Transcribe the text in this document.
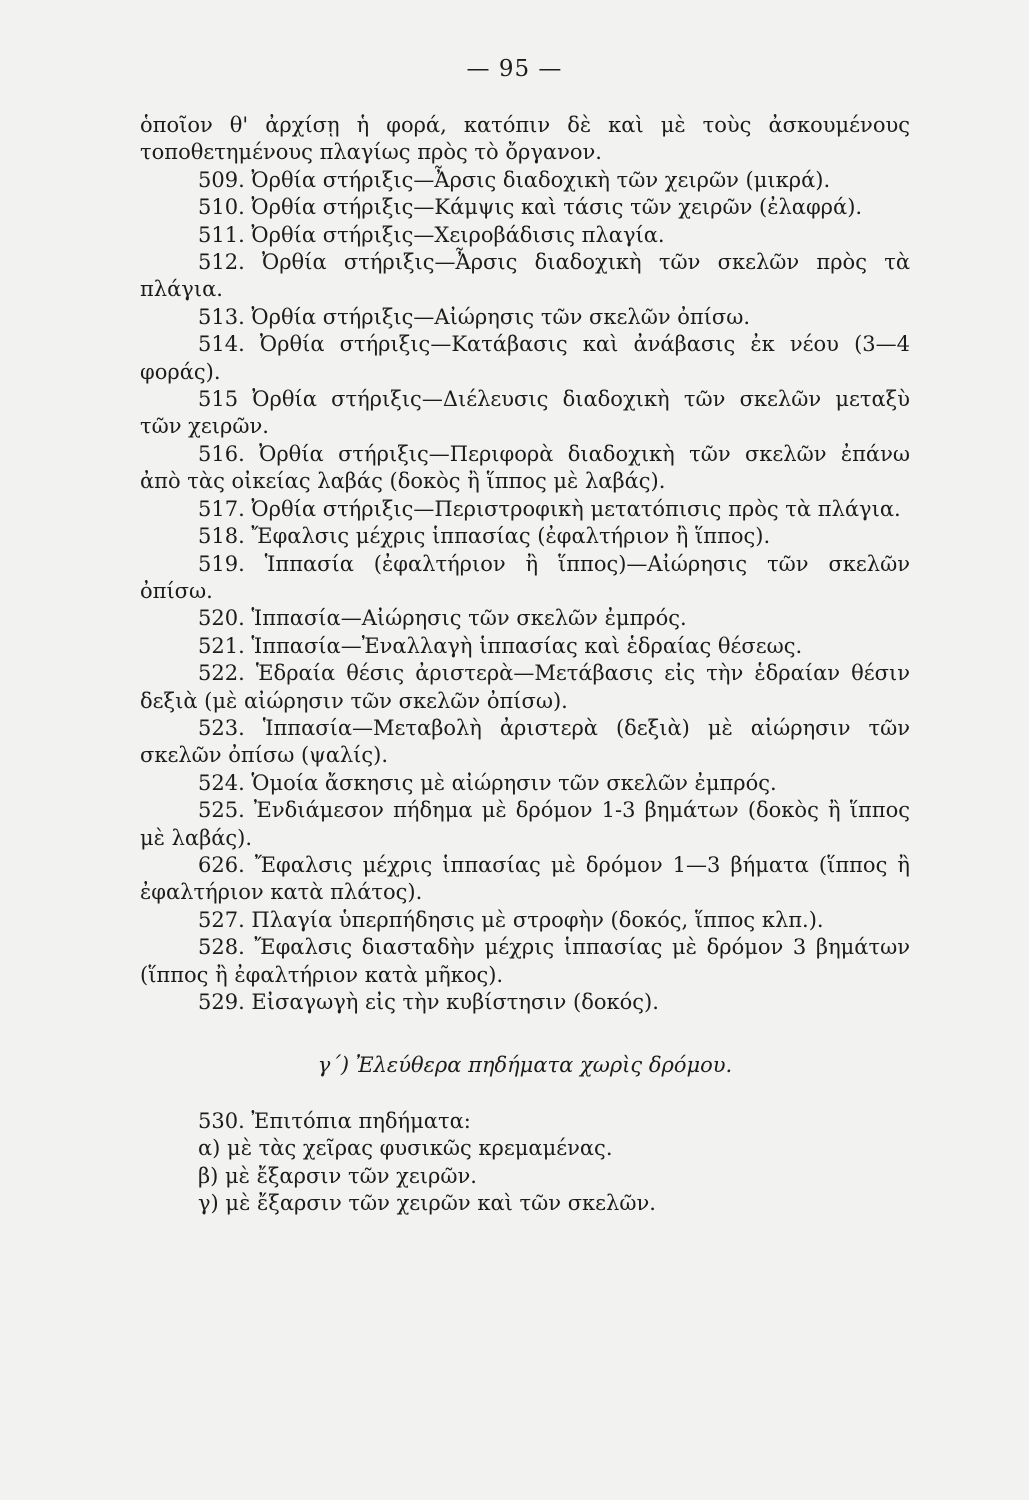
— 95 —

ὁποῖον θ' ἀρχίσῃ ἡ φορά, κατόπιν δὲ καὶ μὲ τοὺς ἀσκουμένους τοποθετημένους πλαγίως πρὸς τὸ ὄργανον.

509. Ὀρθία στήριξις—Ἆρσις διαδοχικὴ τῶν χειρῶν (μικρά).

510. Ὀρθία στήριξις—Κάμψις καὶ τάσις τῶν χειρῶν (ἐλαφρά).

511. Ὀρθία στήριξις—Χειροβάδισις πλαγία.

512. Ὀρθία στήριξις—Ἆρσις διαδοχικὴ τῶν σκελῶν πρὸς τὰ πλάγια.

513. Ὀρθία στήριξις—Αἰώρησις τῶν σκελῶν ὀπίσω.

514. Ὀρθία στήριξις—Κατάβασις καὶ ἀνάβασις ἐκ νέου (3—4 φοράς).

515 Ὀρθία στήριξις—Διέλευσις διαδοχικὴ τῶν σκελῶν μεταξὺ τῶν χειρῶν.

516. Ὀρθία στήριξις—Περιφορὰ διαδοχικὴ τῶν σκελῶν ἐπάνω ἀπὸ τὰς οἰκείας λαβάς (δοκὸς ἢ ἵππος μὲ λαβάς).

517. Ὀρθία στήριξις—Περιστροφικὴ μετατόπισις πρὸς τὰ πλάγια.

518. Ἔφαλσις μέχρις ἱππασίας (ἐφαλτήριον ἢ ἵππος).

519. Ἱππασία (ἐφαλτήριον ἢ ἵππος)—Αἰώρησις τῶν σκελῶν ὀπίσω.

520. Ἱππασία—Αἰώρησις τῶν σκελῶν ἐμπρός.

521. Ἱππασία—Ἐναλλαγὴ ἱππασίας καὶ ἑδραίας θέσεως.

522. Ἑδραία θέσις ἀριστερὰ—Μετάβασις εἰς τὴν ἑδραίαν θέσιν δεξιὰ (μὲ αἰώρησιν τῶν σκελῶν ὀπίσω).

523. Ἱππασία—Μεταβολὴ ἀριστερὰ (δεξιὰ) μὲ αἰώρησιν τῶν σκελῶν ὀπίσω (ψαλίς).

524. Ὁμοία ἄσκησις μὲ αἰώρησιν τῶν σκελῶν ἐμπρός.

525. Ἐνδιάμεσον πήδημα μὲ δρόμον 1-3 βημάτων (δοκὸς ἢ ἵππος μὲ λαβάς).

626. Ἔφαλσις μέχρις ἱππασίας μὲ δρόμον 1—3 βήματα (ἵππος ἢ ἐφαλτήριον κατὰ πλάτος).

527. Πλαγία ὑπερπήδησις μὲ στροφὴν (δοκός, ἵππος κλπ.).

528. Ἔφαλσις διασταδὴν μέχρις ἱππασίας μὲ δρόμον 3 βημάτων (ἵππος ἢ ἐφαλτήριον κατὰ μῆκος).

529. Εἰσαγωγὴ εἰς τὴν κυβίστησιν (δοκός).

γ΄) Ἐλεύθερα πηδήματα χωρὶς δρόμου.

530. Ἐπιτόπια πηδήματα:

α) μὲ τὰς χεῖρας φυσικῶς κρεμαμένας.

β) μὲ ἔξαρσιν τῶν χειρῶν.

γ) μὲ ἔξαρσιν τῶν χειρῶν καὶ τῶν σκελῶν.
